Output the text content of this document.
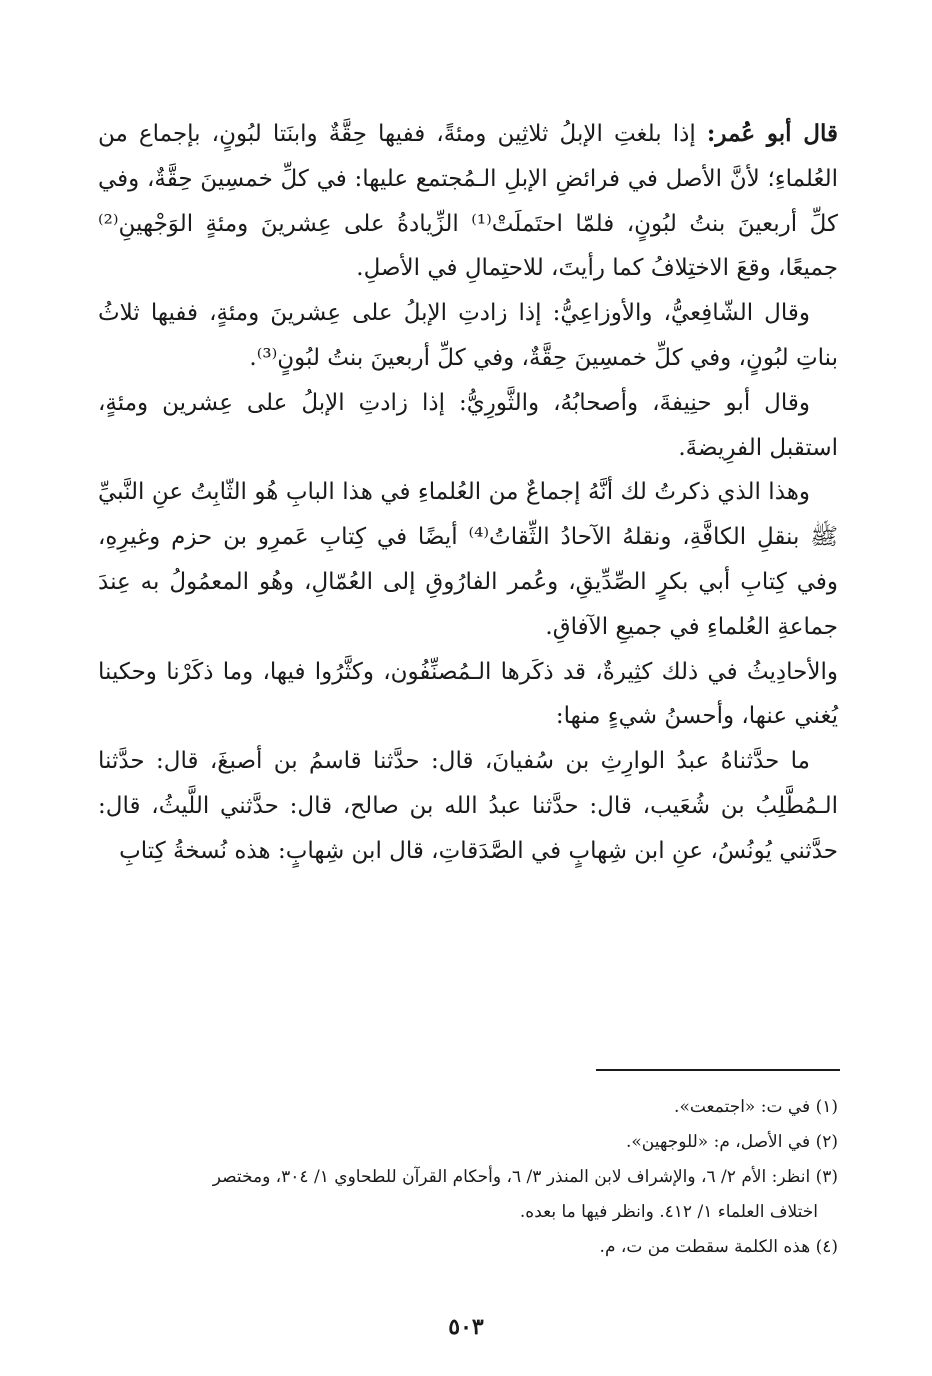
قال أبو عُمر: إذا بلغتِ الإبلُ ثلاثِين ومئةً، ففيها حِقَّةٌ وابنَتا لبُونٍ، بإجماع من العُلماءِ؛ لأنَّ الأصل في فرائضِ الإبلِ الـمُجتمع عليها: في كلِّ خمسِينَ حِقَّةٌ، وفي كلِّ أربعينَ بنتُ لبُونٍ، فلمّا احتَملَتْ⁽¹⁾ الزِّيادةُ على عِشرينَ ومئةٍ الوَجْهينِ⁽²⁾ جميعًا، وقعَ الاختِلافُ كما رأيتَ، للاحتِمالِ في الأصلِ.

وقال الشّافِعيُّ، والأوزاعِيُّ: إذا زادتِ الإبلُ على عِشرينَ ومئةٍ، ففيها ثلاثُ بناتِ لبُونٍ، وفي كلِّ خمسِينَ حِقَّةٌ، وفي كلِّ أربعينَ بنتُ لبُونٍ⁽³⁾.

وقال أبو حنِيفةَ، وأصحابُهُ، والثَّورِيُّ: إذا زادتِ الإبلُ على عِشرين ومئةٍ، استقبل الفرِيضةَ.

وهذا الذي ذكرتُ لك أنَّهُ إجماعٌ من العُلماءِ في هذا البابِ هُو الثّابِتُ عنِ النَّبيِّ ﷺ بنقلِ الكافَّةِ، ونقلهُ الآحادُ الثِّقاتُ⁽⁴⁾ أيضًا في كِتابِ عَمرِو بن حزم وغيرِهِ، وفي كِتابِ أبي بكرٍ الصِّدِّيقِ، وعُمر الفارُوقِ إلى العُمّالِ، وهُو المعمُولُ به عِندَ جماعةِ العُلماءِ في جميعِ الآفاقِ.

والأحادِيثُ في ذلك كثِيرةٌ، قد ذكَرها الـمُصنِّفُون، وكثَّرُوا فيها، وما ذكَرْنا وحكينا يُغني عنها، وأحسنُ شيءٍ منها:

ما حدَّثناهُ عبدُ الوارِثِ بن سُفيانَ، قال: حدَّثنا قاسمُ بن أصبغَ، قال: حدَّثنا الـمُطَّلِبُ بن شُعَيب، قال: حدَّثنا عبدُ الله بن صالح، قال: حدَّثني اللَّيثُ، قال: حدَّثني يُونُسُ، عنِ ابن شِهابٍ في الصَّدَقاتِ، قال ابن شِهابٍ: هذه نُسخةُ كِتابِ

(١) في ت: «اجتمعت».

(٢) في الأصل، م: «للوجهين».

(٣) انظر: الأم ٢/ ٦، والإشراف لابن المنذر ٣/ ٦، وأحكام القرآن للطحاوي ١/ ٣٠٤، ومختصر

اختلاف العلماء ١/ ٤١٢. وانظر فيها ما بعده.

(٤) هذه الكلمة سقطت من ت، م.

٥٠٣
